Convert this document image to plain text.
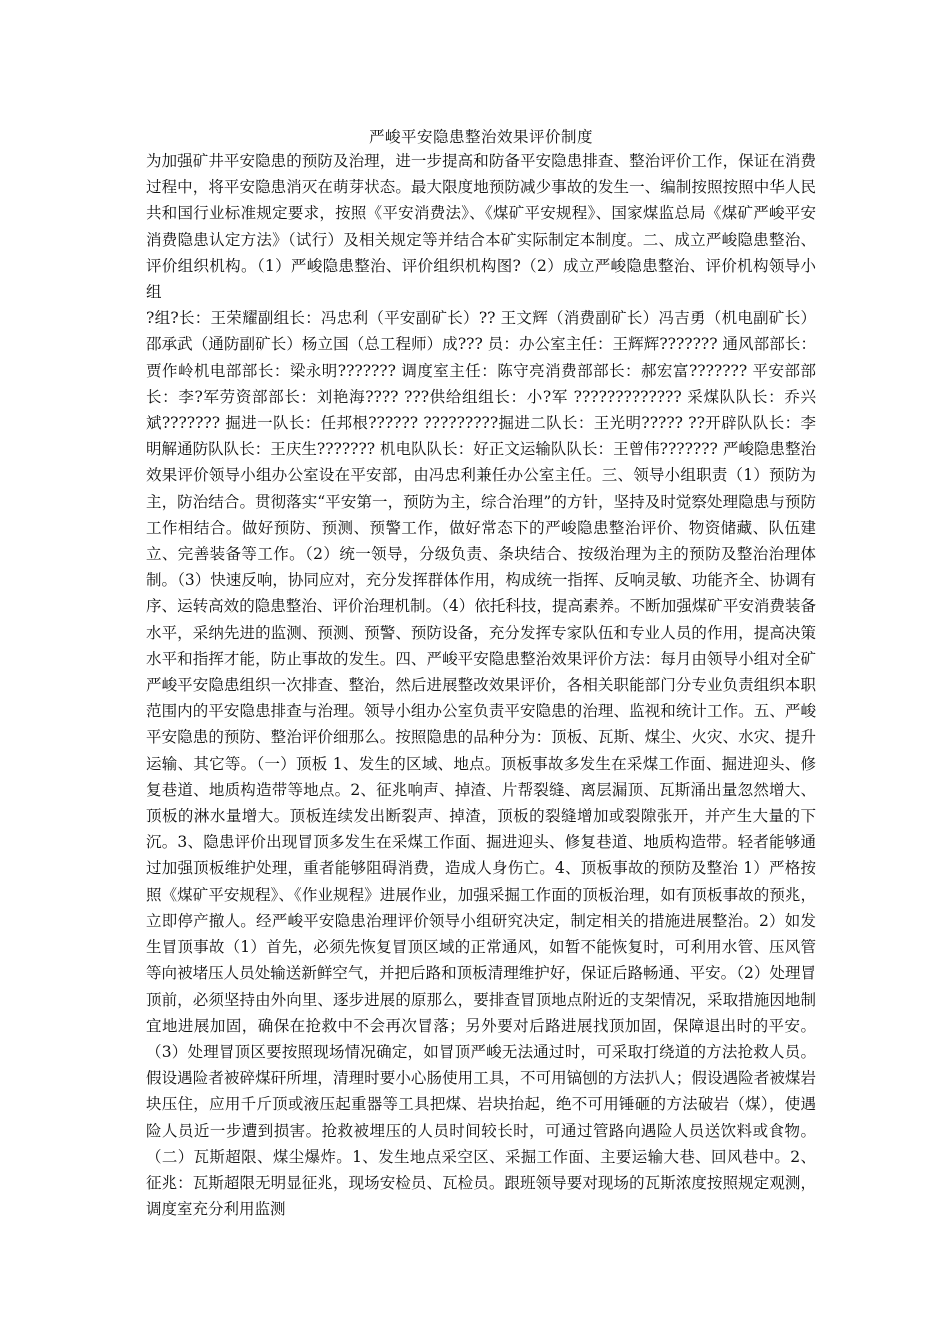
严峻平安隐患整治效果评价制度

为加强矿井平安隐患的预防及治理，进一步提高和防备平安隐患排查、整治评价工作，保证在消费过程中，将平安隐患消灭在萌芽状态。最大限度地预防减少事故的发生一、编制按照按照中华人民共和国行业标准规定要求，按照《平安消费法》、《煤矿平安规程》、国家煤监总局《煤矿严峻平安消费隐患认定方法》（试行）及相关规定等并结合本矿实际制定本制度。二、成立严峻隐患整治、评价组织机构。（1）严峻隐患整治、评价组织机构图?（2）成立严峻隐患整治、评价机构领导小组

?组?长：王荣耀副组长：冯忠利（平安副矿长）?? 王文辉（消费副矿长）冯吉勇（机电副矿长）邵承武（通防副矿长）杨立国（总工程师）成??? 员：办公室主任：王辉辉??????? 通风部部长：贾作岭机电部部长：梁永明??????? 调度室主任：陈守亮消费部部长：郝宏富??????? 平安部部长：李?军劳资部部长：刘艳海???? ???供给组组长：小?军 ????????????? 采煤队队长：乔兴斌??????? 掘进一队长：任邦根?????? ?????????掘进二队长：王光明????? ??开辟队队长：李明解通防队队长：王庆生??????? 机电队队长：好正文运输队队长：王曾伟??????? 严峻隐患整治效果评价领导小组办公室设在平安部，由冯忠利兼任办公室主任。三、领导小组职责（1）预防为主，防治结合。贯彻落实“平安第一，预防为主，综合治理”的方针，坚持及时觉察处理隐患与预防工作相结合。做好预防、预测、预警工作，做好常态下的严峻隐患整治评价、物资储藏、队伍建立、完善装备等工作。（2）统一领导，分级负责、条块结合、按级治理为主的预防及整治治理体制。（3）快速反响，协同应对，充分发挥群体作用，构成统一指挥、反响灵敏、功能齐全、协调有序、运转高效的隐患整治、评价治理机制。（4）依托科技，提高素养。不断加强煤矿平安消费装备水平，采纳先进的监测、预测、预警、预防设备，充分发挥专家队伍和专业人员的作用，提高决策水平和指挥才能，防止事故的发生。四、严峻平安隐患整治效果评价方法：每月由领导小组对全矿严峻平安隐患组织一次排查、整治，然后进展整改效果评价，各相关职能部门分专业负责组织本职范围内的平安隐患排查与治理。领导小组办公室负责平安隐患的治理、监视和统计工作。五、严峻平安隐患的预防、整治评价细那么。按照隐患的品种分为：顶板、瓦斯、煤尘、火灾、水灾、提升运输、其它等。（一）顶板 1、发生的区域、地点。顶板事故多发生在采煤工作面、掘进迎头、修复巷道、地质构造带等地点。2、征兆响声、掉渣、片帮裂缝、离层漏顶、瓦斯涌出量忽然增大、顶板的淋水量增大。顶板连续发出断裂声、掉渣，顶板的裂缝增加或裂隙张开，并产生大量的下沉。3、隐患评价出现冒顶多发生在采煤工作面、掘进迎头、修复巷道、地质构造带。轻者能够通过加强顶板维护处理，重者能够阻碍消费，造成人身伤亡。4、顶板事故的预防及整治 1）严格按照《煤矿平安规程》、《作业规程》进展作业，加强采掘工作面的顶板治理，如有顶板事故的预兆，立即停产撤人。经严峻平安隐患治理评价领导小组研究决定，制定相关的措施进展整治。2）如发生冒顶事故（1）首先，必须先恢复冒顶区域的正常通风，如暂不能恢复时，可利用水管、压风管等向被堵压人员处输送新鲜空气，并把后路和顶板清理维护好，保证后路畅通、平安。（2）处理冒顶前，必须坚持由外向里、逐步进展的原那么，要排查冒顶地点附近的支架情况，采取措施因地制宜地进展加固，确保在抢救中不会再次冒落；另外要对后路进展找顶加固，保障退出时的平安。（3）处理冒顶区要按照现场情况确定，如冒顶严峻无法通过时，可采取打绕道的方法抢救人员。假设遇险者被碎煤矸所埋，清理时要小心肠使用工具，不可用镐刨的方法扒人；假设遇险者被煤岩块压住，应用千斤顶或液压起重器等工具把煤、岩块抬起，绝不可用锤砸的方法破岩（煤），使遇险人员近一步遭到损害。抢救被埋压的人员时间较长时，可通过管路向遇险人员送饮料或食物。（二）瓦斯超限、煤尘爆炸。1、发生地点采空区、采掘工作面、主要运输大巷、回风巷中。2、征兆：瓦斯超限无明显征兆，现场安检员、瓦检员。跟班领导要对现场的瓦斯浓度按照规定观测，调度室充分利用监测
